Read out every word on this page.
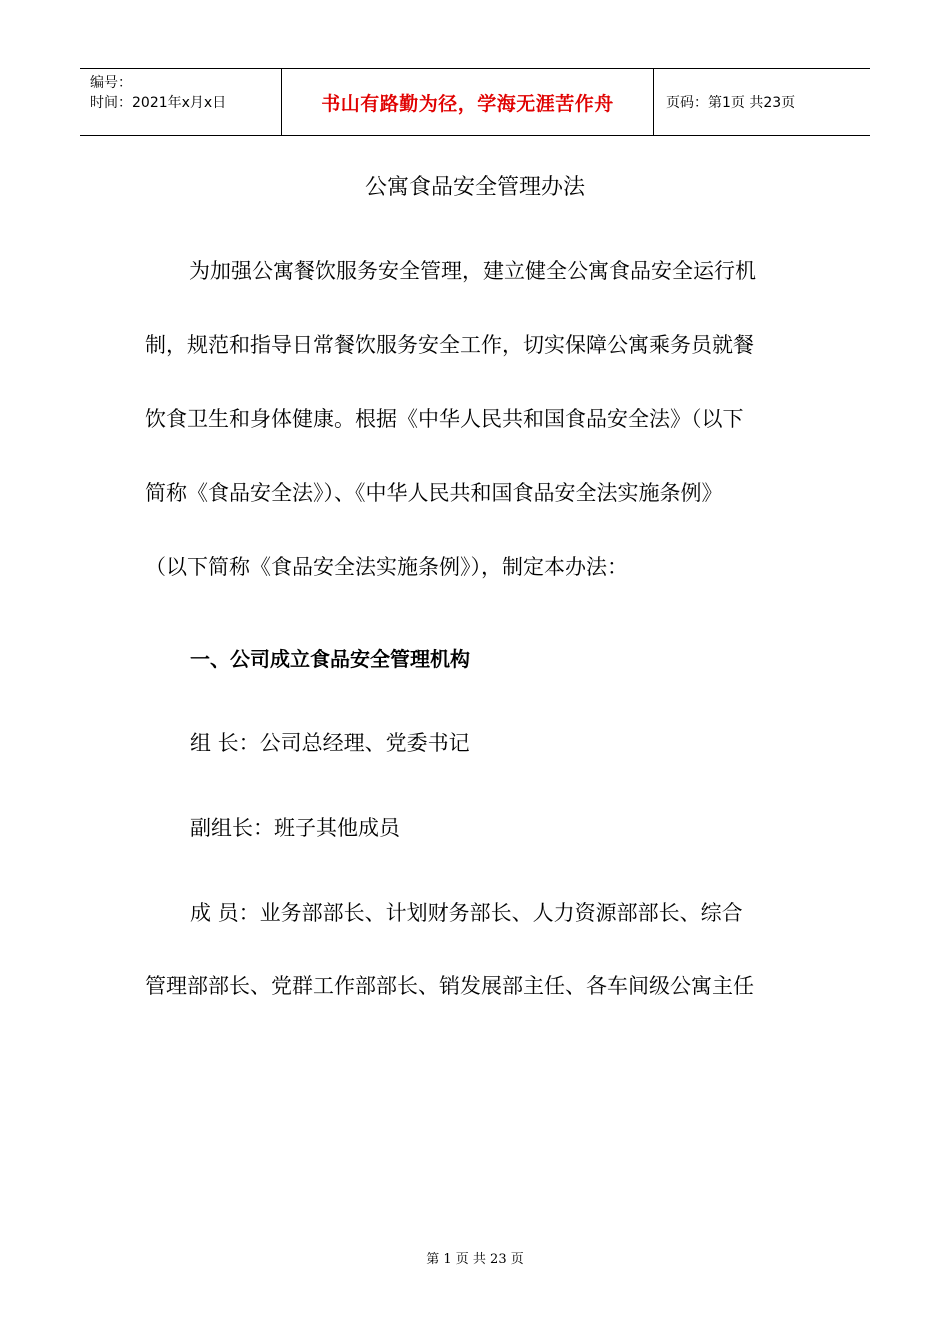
编号：
时间：2021年x月x日	书山有路勤为径，学海无涯苦作舟	页码：第1页 共23页
公寓食品安全管理办法
为加强公寓餐饮服务安全管理，建立健全公寓食品安全运行机
制，规范和指导日常餐饮服务安全工作，切实保障公寓乘务员就餐
饮食卫生和身体健康。根据《中华人民共和国食品安全法》（以下
简称《食品安全法》）、《中华人民共和国食品安全法实施条例》
（以下简称《食品安全法实施条例》），制定本办法：
一、公司成立食品安全管理机构
组 长：公司总经理、党委书记
副组长：班子其他成员
成 员：业务部部长、计划财务部长、人力资源部部长、综合
管理部部长、党群工作部部长、销发展部主任、各车间级公寓主任
第 1 页 共 23 页
